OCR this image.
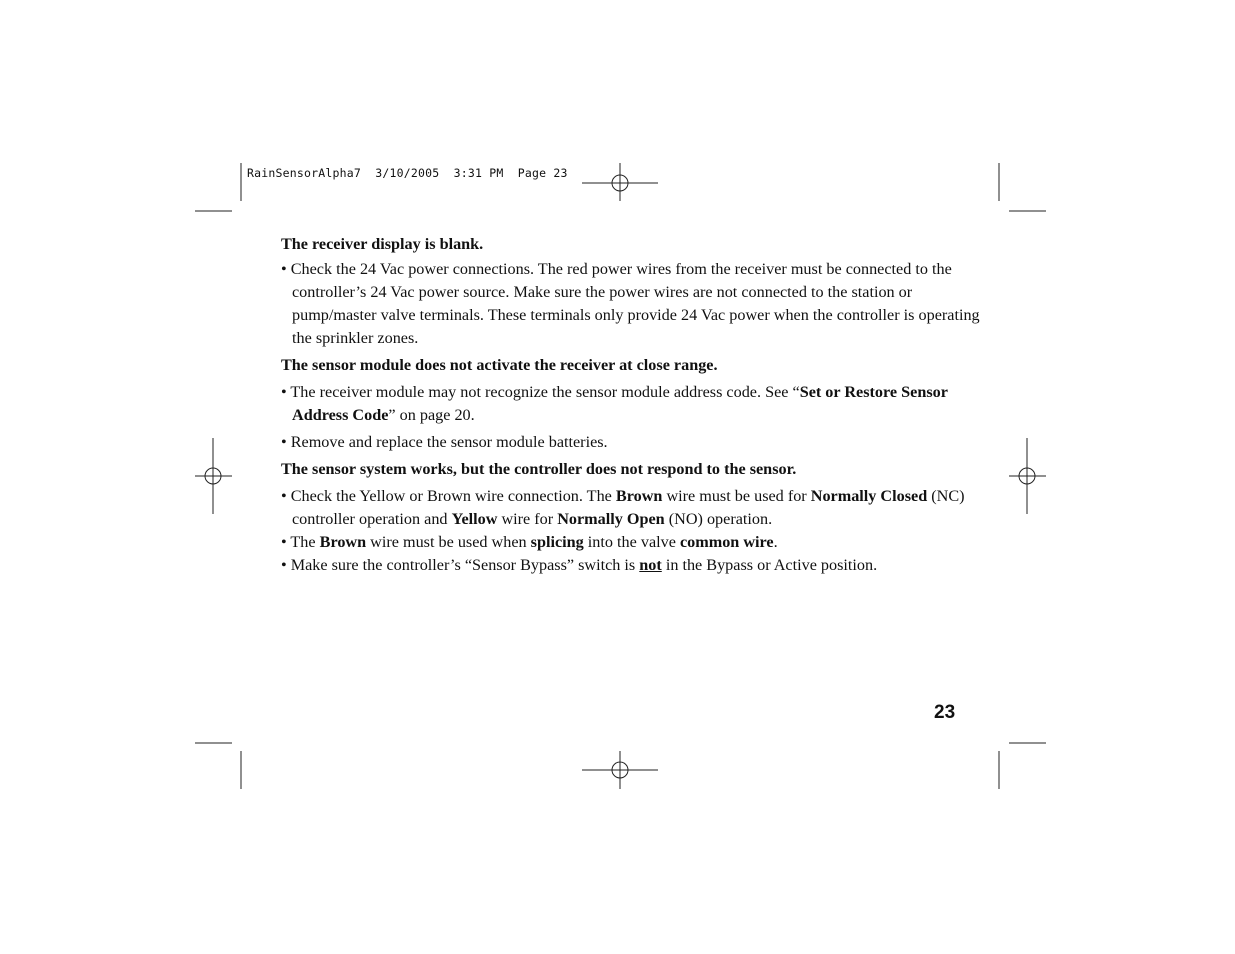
RainSensorAlpha7 3/10/2005 3:31 PM Page 23

The receiver display is blank.

• Check the 24 Vac power connections. The red power wires from the receiver must be connected to the controller’s 24 Vac power source. Make sure the power wires are not connected to the station or pump/master valve terminals. These terminals only provide 24 Vac power when the controller is operating the sprinkler zones.

The sensor module does not activate the receiver at close range.

• The receiver module may not recognize the sensor module address code. See “Set or Restore Sensor Address Code” on page 20.

• Remove and replace the sensor module batteries.

The sensor system works, but the controller does not respond to the sensor.

• Check the Yellow or Brown wire connection. The Brown wire must be used for Normally Closed (NC) controller operation and Yellow wire for Normally Open (NO) operation.

• The Brown wire must be used when splicing into the valve common wire.

• Make sure the controller’s “Sensor Bypass” switch is not in the Bypass or Active position.

23
